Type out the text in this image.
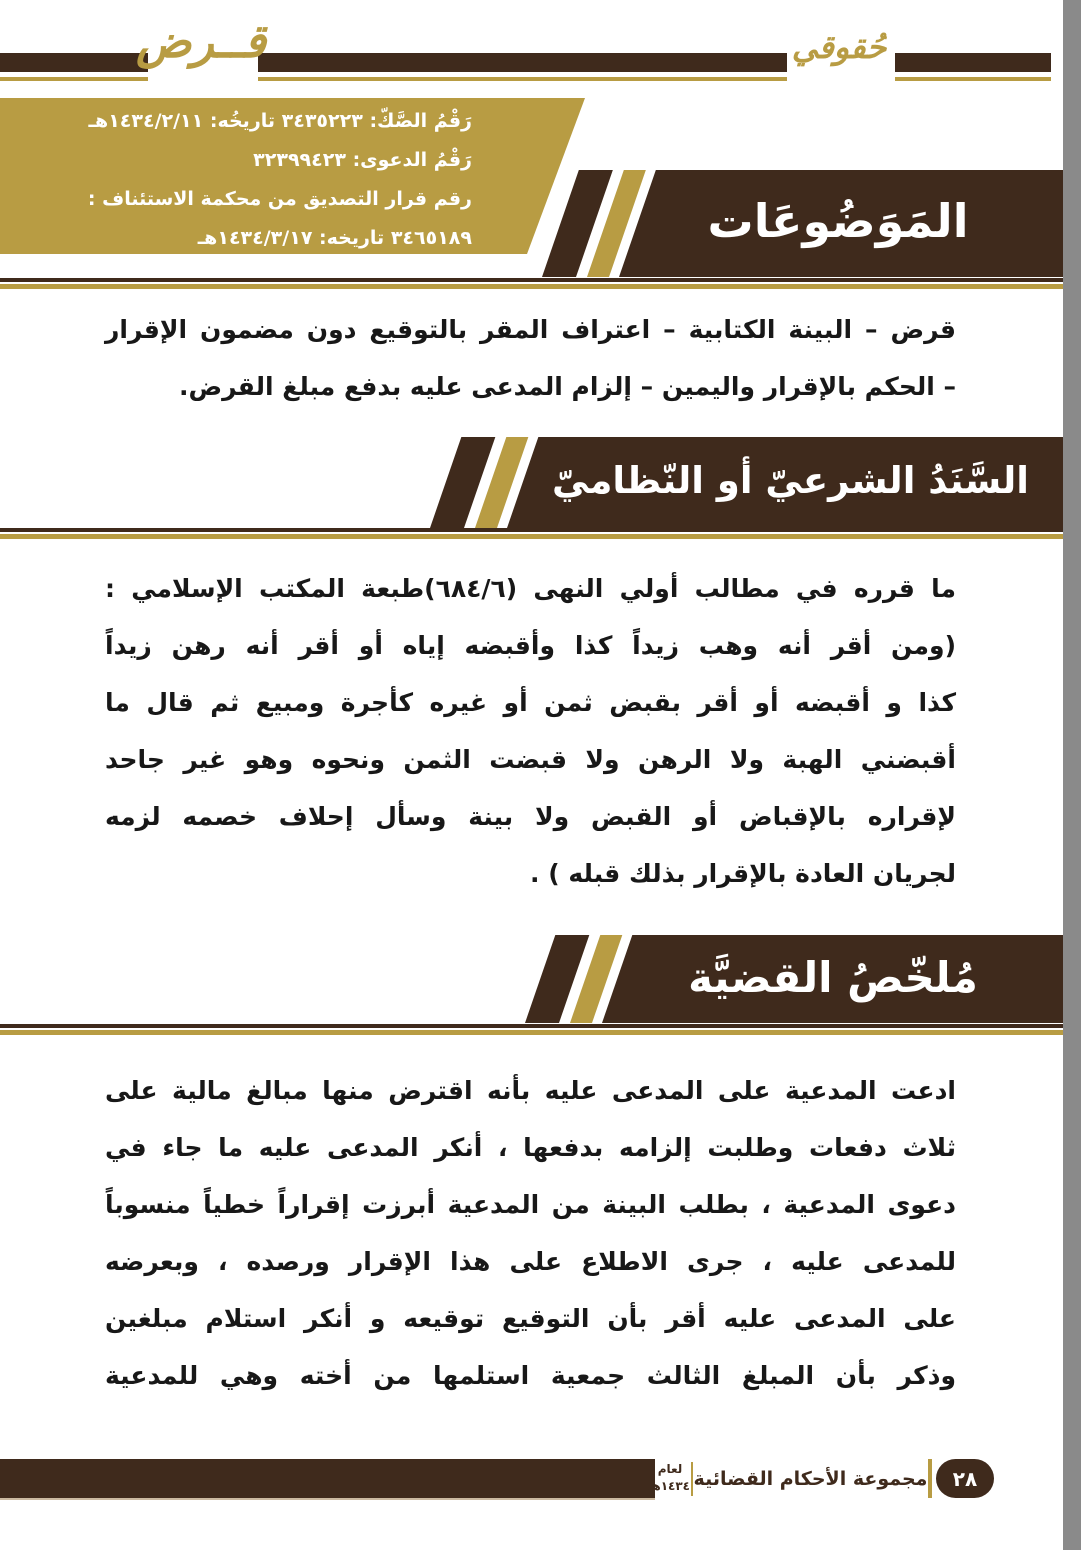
قــرض	حُقوقي
رَقْمُ الصَّكّ: ٣٤٣٥٢٢٣ تاريخُه: ١٤٣٤/٢/١١هـ
رَقْمُ الدعوى: ٣٢٣٩٩٤٢٣
رقم قرار التصديق من محكمة الاستئناف :
٣٤٦٥١٨٩ تاريخه: ١٤٣٤/٣/١٧هـ	المَوَضُوعَات
قرض – البينة الكتابية – اعتراف المقر بالتوقيع دون مضمون الإقرار
– الحكم بالإقرار واليمين – إلزام المدعى عليه بدفع مبلغ القرض.
السَّنَدُ الشرعيّ أو النّظاميّ
ما قرره في مطالب أولي النهى (٦٨٤/٦)طبعة المكتب الإسلامي :
(ومن أقر أنه وهب زيداً كذا وأقبضه إياه أو أقر أنه رهن زيداً
كذا و أقبضه أو أقر بقبض ثمن أو غيره كأجرة ومبيع ثم قال ما
أقبضني الهبة ولا الرهن ولا قبضت الثمن ونحوه وهو غير جاحد
لإقراره بالإقباض أو القبض ولا بينة وسأل إحلاف خصمه لزمه
لجريان العادة بالإقرار بذلك قبله ) .
مُلخّصُ القضيَّة
ادعت المدعية على المدعى عليه بأنه اقترض منها مبالغ مالية على
ثلاث دفعات وطلبت إلزامه بدفعها ، أنكر المدعى عليه ما جاء في
دعوى المدعية ، بطلب البينة من المدعية أبرزت إقراراً خطياً منسوباً
للمدعى عليه ، جرى الاطلاع على هذا الإقرار ورصده ، وبعرضه
على المدعى عليه أقر بأن التوقيع توقيعه و أنكر استلام مبلغين
وذكر بأن المبلغ الثالث جمعية استلمها من أخته وهي للمدعية
لعام
١٤٣٤هـ مجموعة الأحكام القضائية	٢٨
